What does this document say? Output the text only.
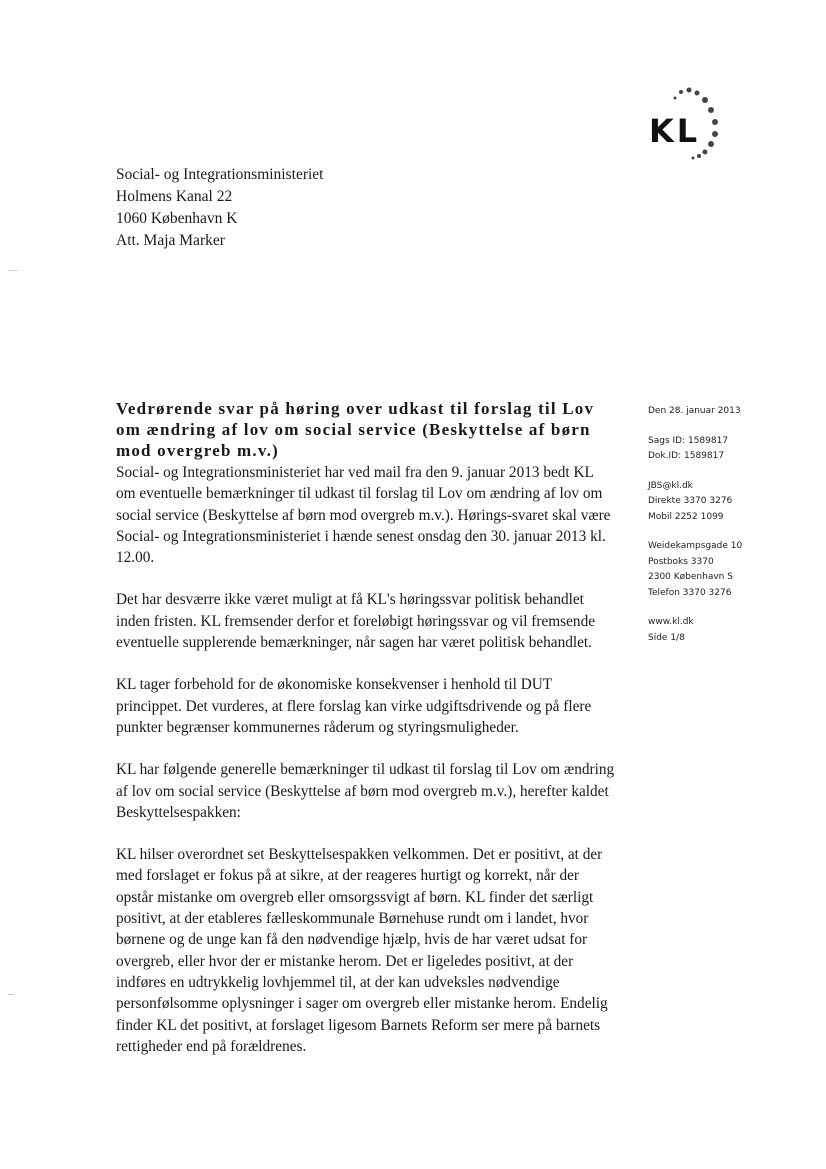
KL
Social- og Integrationsministeriet
Holmens Kanal 22
1060 København K
Att. Maja Marker
Vedrørende svar på høring over udkast til forslag til Lov om ændring af lov om social service (Beskyttelse af børn mod overgreb m.v.)

Social- og Integrationsministeriet har ved mail fra den 9. januar 2013 bedt KL om eventuelle bemærkninger til udkast til forslag til Lov om ændring af lov om social service (Beskyttelse af børn mod overgreb m.v.). Hørings-svaret skal være Social- og Integrationsministeriet i hænde senest onsdag den 30. januar 2013 kl. 12.00.

Det har desværre ikke været muligt at få KL's høringssvar politisk behandlet inden fristen. KL fremsender derfor et foreløbigt høringssvar og vil fremsende eventuelle supplerende bemærkninger, når sagen har været politisk behandlet.

KL tager forbehold for de økonomiske konsekvenser i henhold til DUT princippet. Det vurderes, at flere forslag kan virke udgiftsdrivende og på flere punkter begrænser kommunernes råderum og styringsmuligheder.

KL har følgende generelle bemærkninger til udkast til forslag til Lov om ændring af lov om social service (Beskyttelse af børn mod overgreb m.v.), herefter kaldet Beskyttelsespakken:

KL hilser overordnet set Beskyttelsespakken velkommen. Det er positivt, at der med forslaget er fokus på at sikre, at der reageres hurtigt og korrekt, når der opstår mistanke om overgreb eller omsorgssvigt af børn. KL finder det særligt positivt, at der etableres fælleskommunale Børnehuse rundt om i landet, hvor børnene og de unge kan få den nødvendige hjælp, hvis de har været udsat for overgreb, eller hvor der er mistanke herom. Det er ligeledes positivt, at der indføres en udtrykkelig lovhjemmel til, at der kan udveksles nødvendige personfølsomme oplysninger i sager om overgreb eller mistanke herom. Endelig finder KL det positivt, at forslaget ligesom Barnets Reform ser mere på barnets rettigheder end på forældrenes.

Den 28. januar 2013
Sags ID: 1589817
Dok.ID: 1589817
JBS@kl.dk
Direkte 3370 3276
Mobil 2252 1099
Weidekampsgade 10
Postboks 3370
2300 København S
Telefon 3370 3276
www.kl.dk
Side 1/8
